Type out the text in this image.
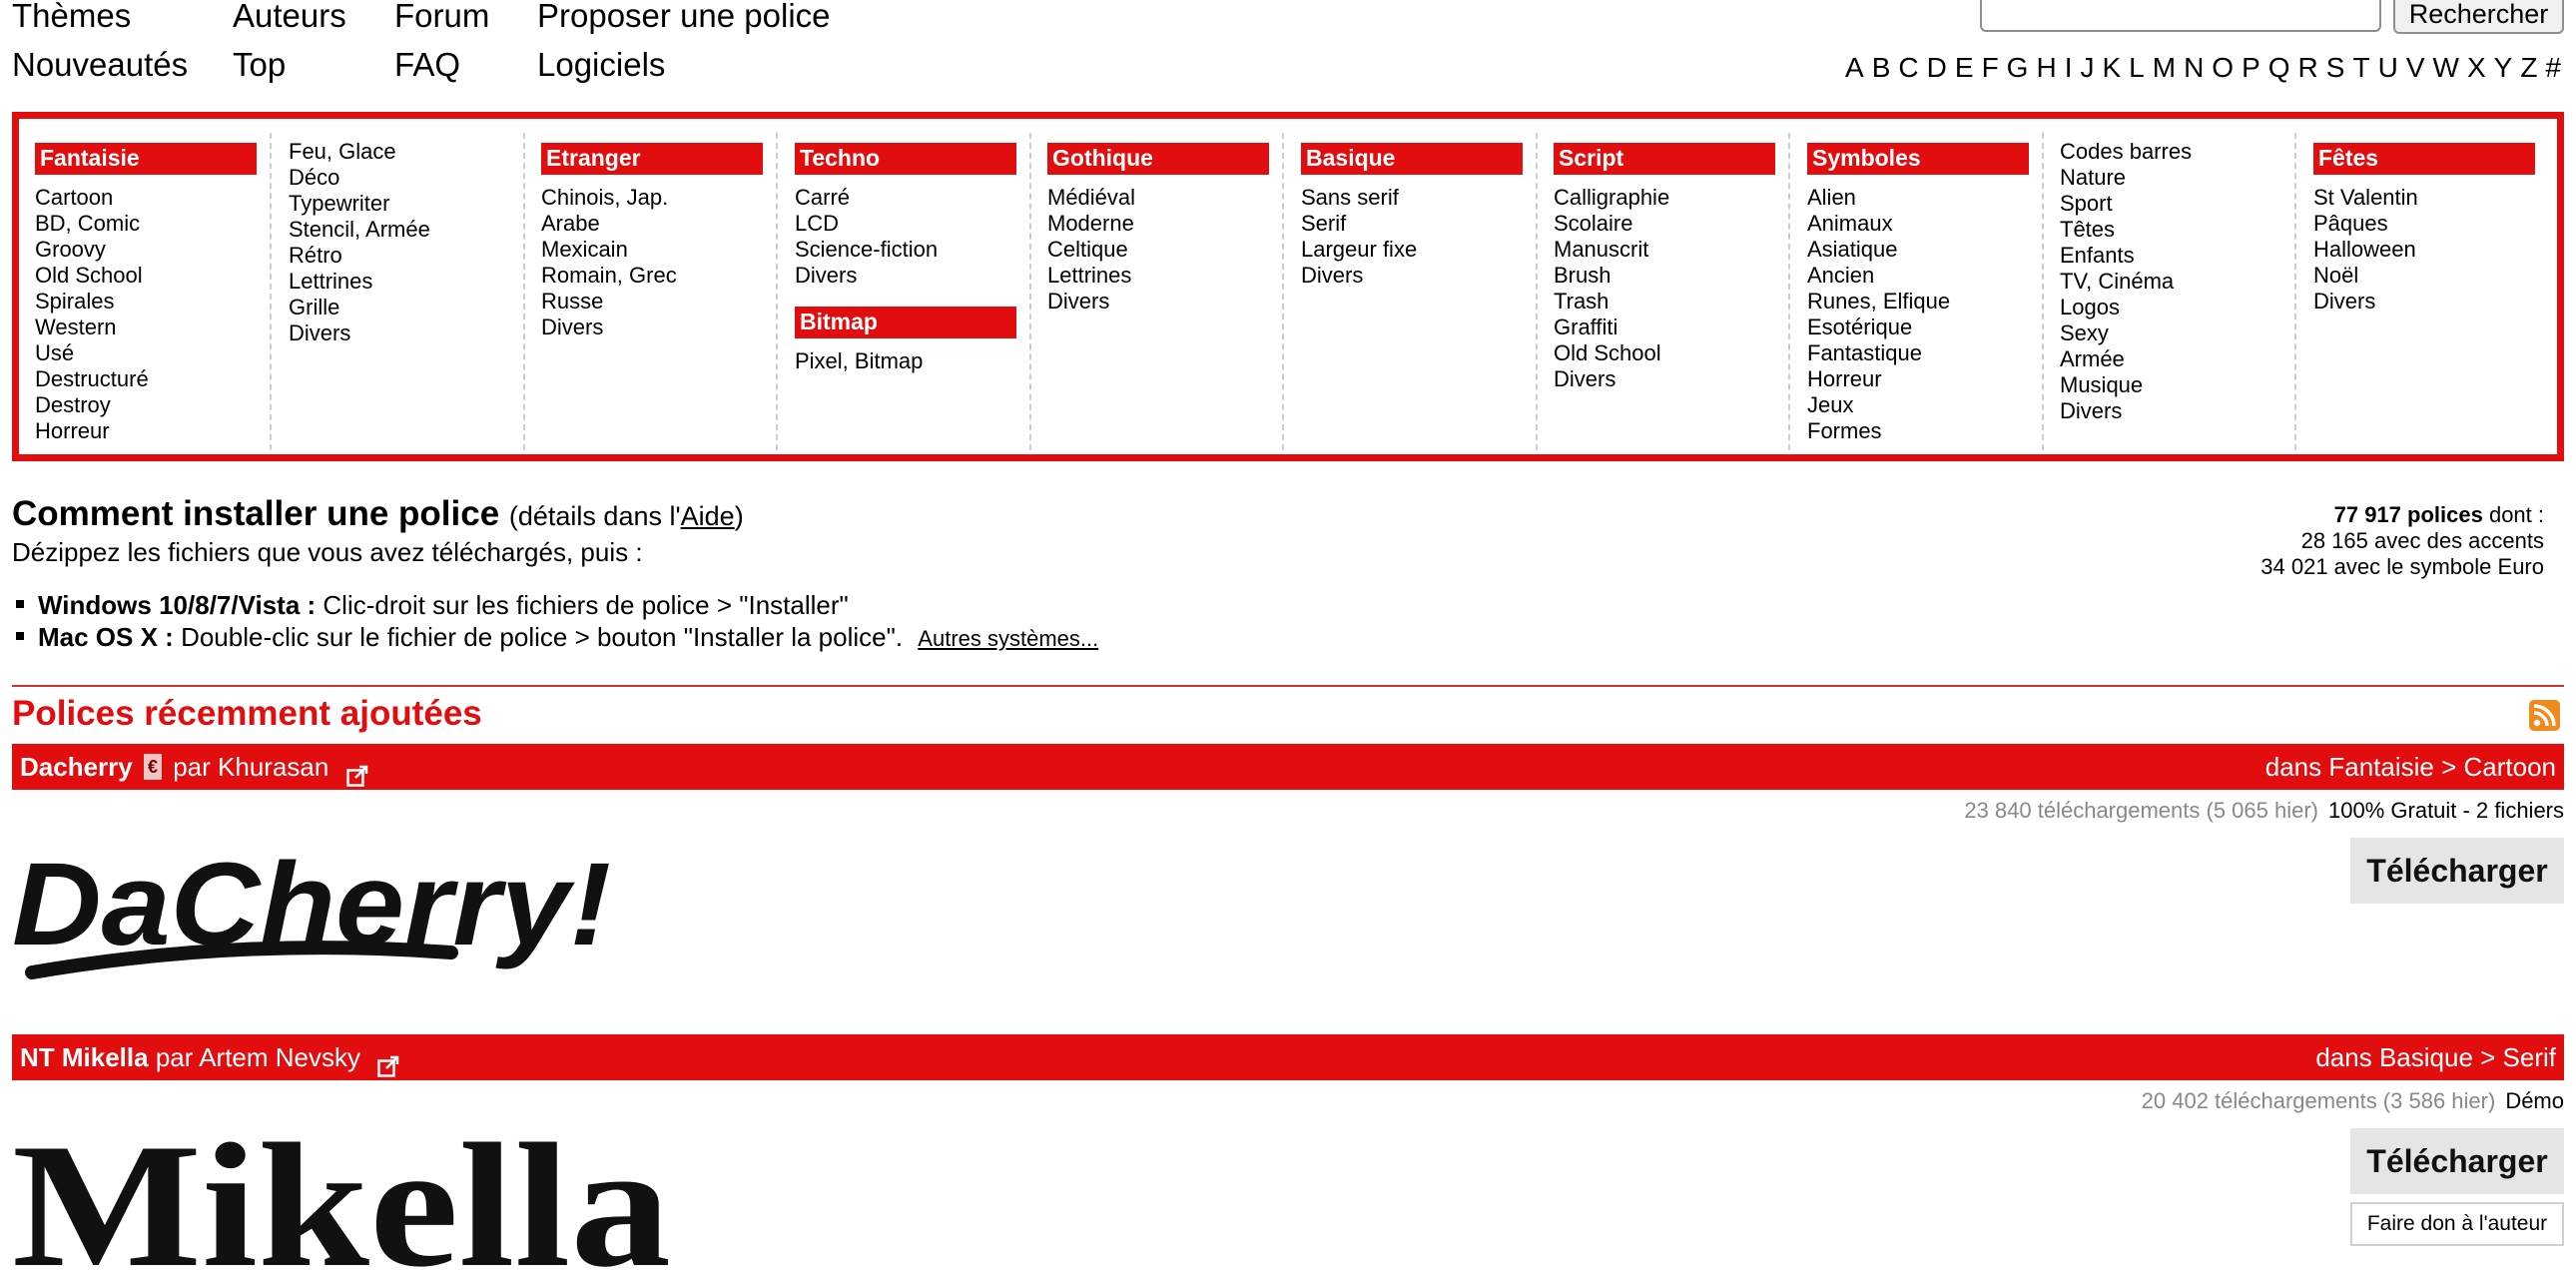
Thèmes	Auteurs Forum Proposer une police
Nouveautés Top	FAQ Logiciels
Rechercher
A B C D E F G H I J K L M N O P Q R S T U V W X Y Z #
Fantaisie
Cartoon
BD, Comic
Groovy
Old School
Spirales
Western
Usé
Destructuré
Destroy
Horreur
Feu, Glace
Déco
Typewriter
Stencil, Armée
Rétro
Lettrines
Grille
Divers
Etranger
Chinois, Jap.
Arabe
Mexicain
Romain, Grec
Russe
Divers
Techno
Carré
LCD
Science-fiction
Divers
Bitmap
Pixel, Bitmap
Gothique
Médiéval
Moderne
Celtique
Lettrines
Divers
Basique
Sans serif
Serif
Largeur fixe
Divers
Script
Calligraphie
Scolaire
Manuscrit
Brush
Trash
Graffiti
Old School
Divers
Symboles
Alien
Animaux
Asiatique
Ancien
Runes, Elfique
Esotérique
Fantastique
Horreur
Jeux
Formes
Codes barres
Nature
Sport
Têtes
Enfants
TV, Cinéma
Logos
Sexy
Armée
Musique
Divers
Fêtes
St Valentin
Pâques
Halloween
Noël
Divers
Comment installer une police (détails dans l'Aide)
Dézippez les fichiers que vous avez téléchargés, puis :
Windows 10/8/7/Vista : Clic-droit sur les fichiers de police > "Installer"
Mac OS X : Double-clic sur le fichier de police > bouton "Installer la police". Autres systèmes...
77 917 polices dont :
28 165 avec des accents
34 021 avec le symbole Euro
Polices récemment ajoutées
Dacherry € par Khurasan	dans Fantaisie > Cartoon
23 840 téléchargements (5 065 hier) 100% Gratuit - 2 fichiers
Télécharger
DaCherry!
NT Mikella par Artem Nevsky	dans Basique > Serif
20 402 téléchargements (3 586 hier) Démo
Télécharger
Faire don à l'auteur
Mikella
